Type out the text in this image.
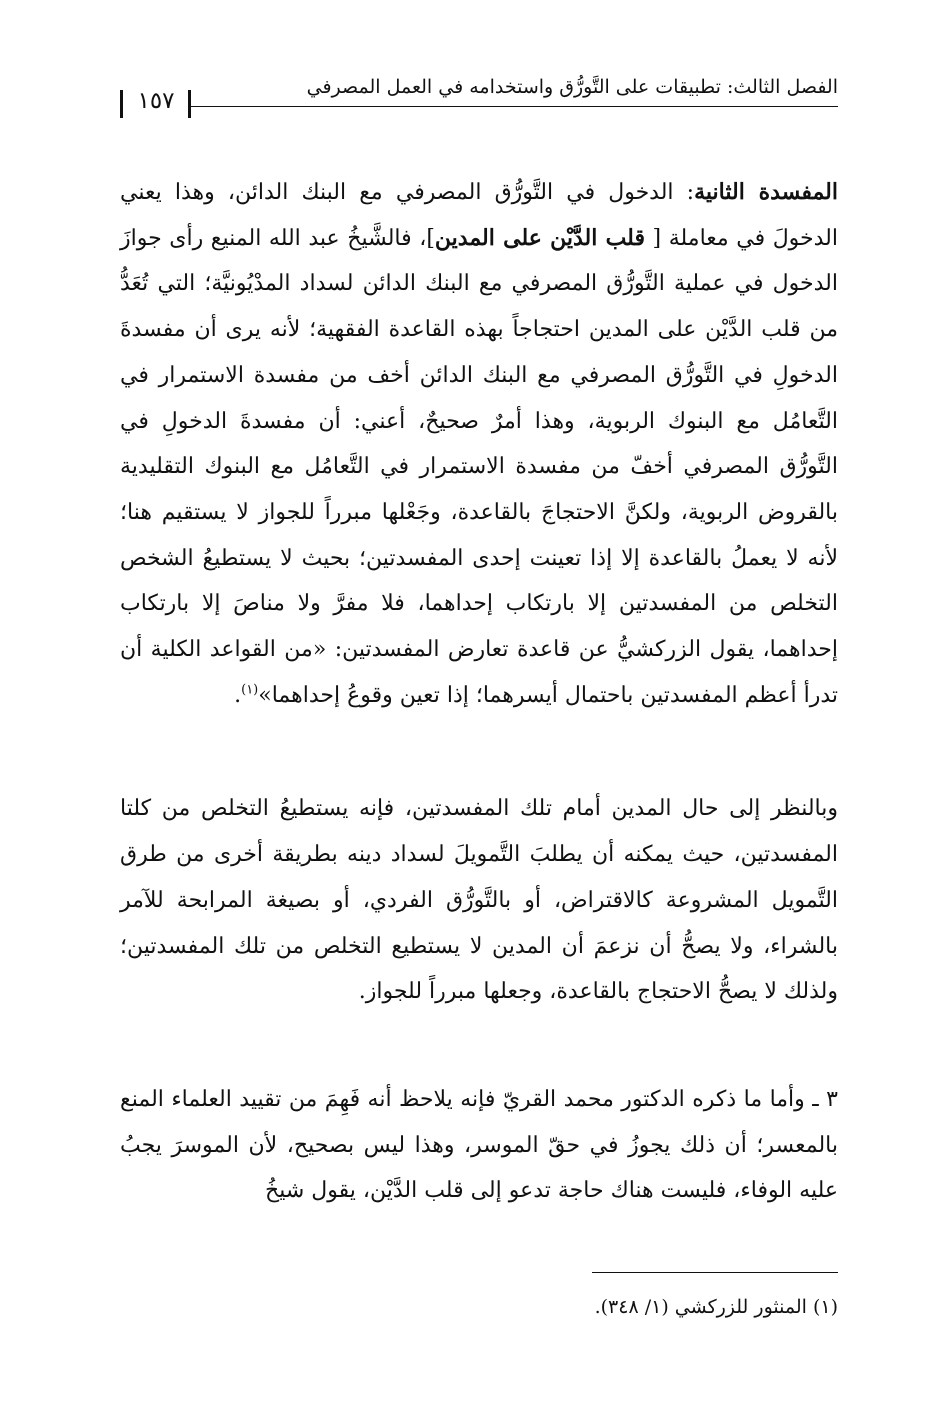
الفصل الثالث: تطبيقات على التَّورُّق واستخدامه في العمل المصرفي
١٥٧

المفسدة الثانية: الدخول في التَّورُّق المصرفي مع البنك الدائن، وهذا يعني الدخولَ في معاملة [ قلب الدَّيْن على المدين]، فالشَّيخُ عبد الله المنيع رأى جوازَ الدخول في عملية التَّورُّق المصرفي مع البنك الدائن لسداد المدْيُونيَّة؛ التي تُعَدُّ من قلب الدَّيْن على المدين احتجاجاً بهذه القاعدة الفقهية؛ لأنه يرى أن مفسدةَ الدخولِ في التَّورُّق المصرفي مع البنك الدائن أخف من مفسدة الاستمرار في التَّعامُل مع البنوك الربوية، وهذا أمرٌ صحيحٌ، أعني: أن مفسدةَ الدخولِ في التَّورُّق المصرفي أخفّ من مفسدة الاستمرار في التَّعامُل مع البنوك التقليدية بالقروض الربوية، ولكنَّ الاحتجاجَ بالقاعدة، وجَعْلها مبرراً للجواز لا يستقيم هنا؛ لأنه لا يعملُ بالقاعدة إلا إذا تعينت إحدى المفسدتين؛ بحيث لا يستطيعُ الشخص التخلص من المفسدتين إلا بارتكاب إحداهما، فلا مفرَّ ولا مناصَ إلا بارتكاب إحداهما، يقول الزركشيُّ عن قاعدة تعارض المفسدتين: «من القواعد الكلية أن تدرأ أعظم المفسدتين باحتمال أيسرهما؛ إذا تعين وقوعُ إحداهما»$^{(١)}$.

وبالنظر إلى حال المدين أمام تلك المفسدتين، فإنه يستطيعُ التخلص من كلتا المفسدتين، حيث يمكنه أن يطلبَ التَّمويلَ لسداد دينه بطريقة أخرى من طرق التَّمويل المشروعة كالاقتراض، أو بالتَّورُّق الفردي، أو بصيغة المرابحة للآمر بالشراء، ولا يصحُّ أن نزعمَ أن المدين لا يستطيع التخلص من تلك المفسدتين؛ ولذلك لا يصحُّ الاحتجاج بالقاعدة، وجعلها مبرراً للجواز.

٣ ـ وأما ما ذكره الدكتور محمد القريّ فإنه يلاحظ أنه فَهِمَ من تقييد العلماء المنع بالمعسر؛ أن ذلك يجوزُ في حقّ الموسر، وهذا ليس بصحيح، لأن الموسرَ يجبُ عليه الوفاء، فليست هناك حاجة تدعو إلى قلب الدَّيْن، يقول شيخُ

(١) المنثور للزركشي (١/ ٣٤٨).
